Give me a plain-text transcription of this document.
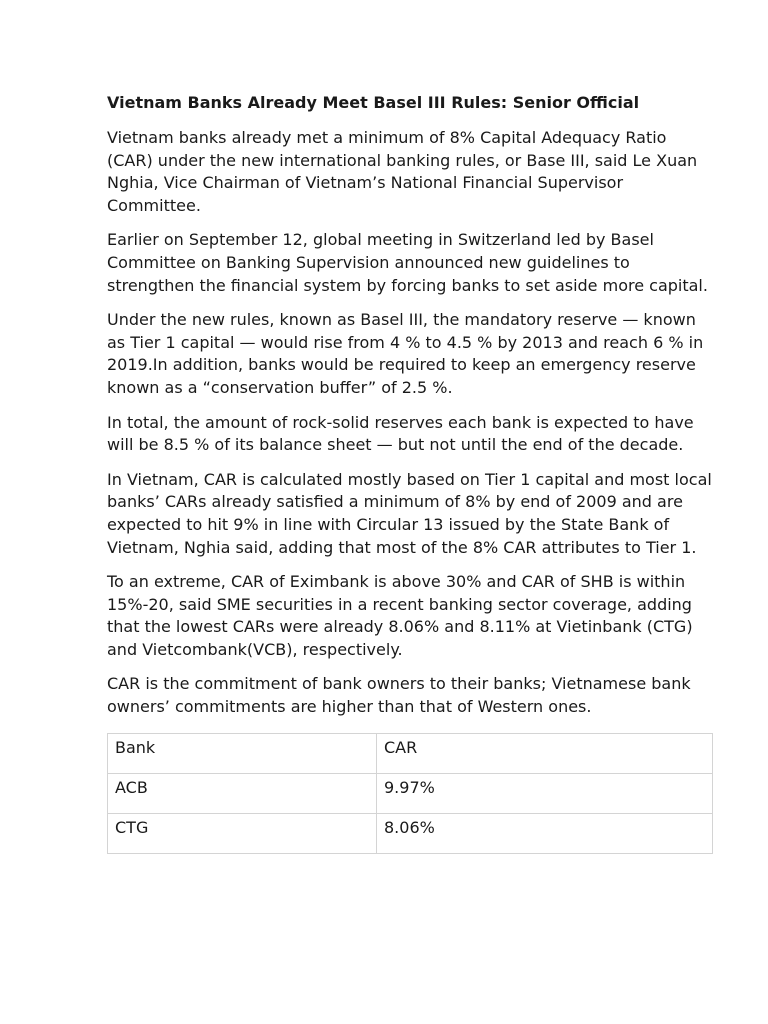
Vietnam Banks Already Meet Basel III Rules: Senior Official

Vietnam banks already met a minimum of 8% Capital Adequacy Ratio (CAR) under the new international banking rules, or Base III, said Le Xuan Nghia, Vice Chairman of Vietnam’s National Financial Supervisor Committee.

Earlier on September 12, global meeting in Switzerland led by Basel Committee on Banking Supervision announced new guidelines to strengthen the financial system by forcing banks to set aside more capital.

Under the new rules, known as Basel III, the mandatory reserve — known as Tier 1 capital — would rise from 4 % to 4.5 % by 2013 and reach 6 % in 2019.In addition, banks would be required to keep an emergency reserve known as a “conservation buffer” of 2.5 %.

In total, the amount of rock-solid reserves each bank is expected to have will be 8.5 % of its balance sheet — but not until the end of the decade.

In Vietnam, CAR is calculated mostly based on Tier 1 capital and most local banks’ CARs already satisfied a minimum of 8% by end of 2009 and are expected to hit 9% in line with Circular 13 issued by the State Bank of Vietnam, Nghia said, adding that most of the 8% CAR attributes to Tier 1.

To an extreme, CAR of Eximbank is above 30% and CAR of SHB is within 15%-20, said SME securities in a recent banking sector coverage, adding that the lowest CARs were already 8.06% and 8.11% at Vietinbank (CTG) and Vietcombank(VCB), respectively.

CAR is the commitment of bank owners to their banks; Vietnamese bank owners’ commitments are higher than that of Western ones.

Bank	CAR
ACB	9.97%
CTG	8.06%
